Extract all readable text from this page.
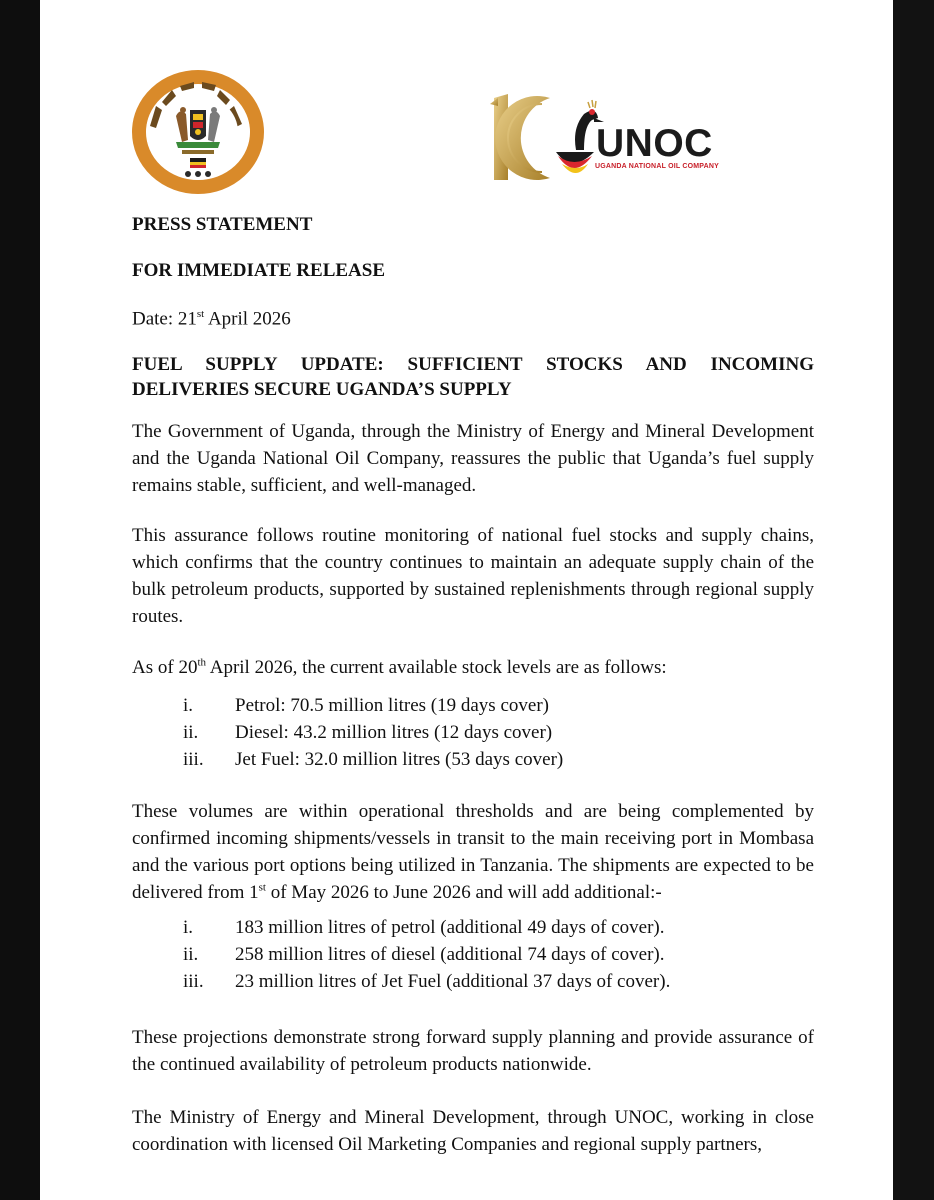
T 10
UNOC
UGANDA NATIONAL OIL COMPANY
PRESS STATEMENT
FOR IMMEDIATE RELEASE
Date: 21st April 2026
FUEL SUPPLY UPDATE: SUFFICIENT STOCKS AND INCOMING DELIVERIES SECURE UGANDA’S SUPPLY
The Government of Uganda, through the Ministry of Energy and Mineral Development and the Uganda National Oil Company, reassures the public that Uganda’s fuel supply remains stable, sufficient, and well-managed.
This assurance follows routine monitoring of national fuel stocks and supply chains, which confirms that the country continues to maintain an adequate supply chain of the bulk petroleum products, supported by sustained replenishments through regional supply routes.
As of 20th April 2026, the current available stock levels are as follows:
i. Petrol: 70.5 million litres (19 days cover)
ii. Diesel: 43.2 million litres (12 days cover)
iii. Jet Fuel: 32.0 million litres (53 days cover)
These volumes are within operational thresholds and are being complemented by confirmed incoming shipments/vessels in transit to the main receiving port in Mombasa and the various port options being utilized in Tanzania. The shipments are expected to be delivered from 1st of May 2026 to June 2026 and will add additional:-
i. 183 million litres of petrol (additional 49 days of cover).
ii. 258 million litres of diesel (additional 74 days of cover).
iii. 23 million litres of Jet Fuel (additional 37 days of cover).
These projections demonstrate strong forward supply planning and provide assurance of the continued availability of petroleum products nationwide.
The Ministry of Energy and Mineral Development, through UNOC, working in close coordination with licensed Oil Marketing Companies and regional supply partners,
